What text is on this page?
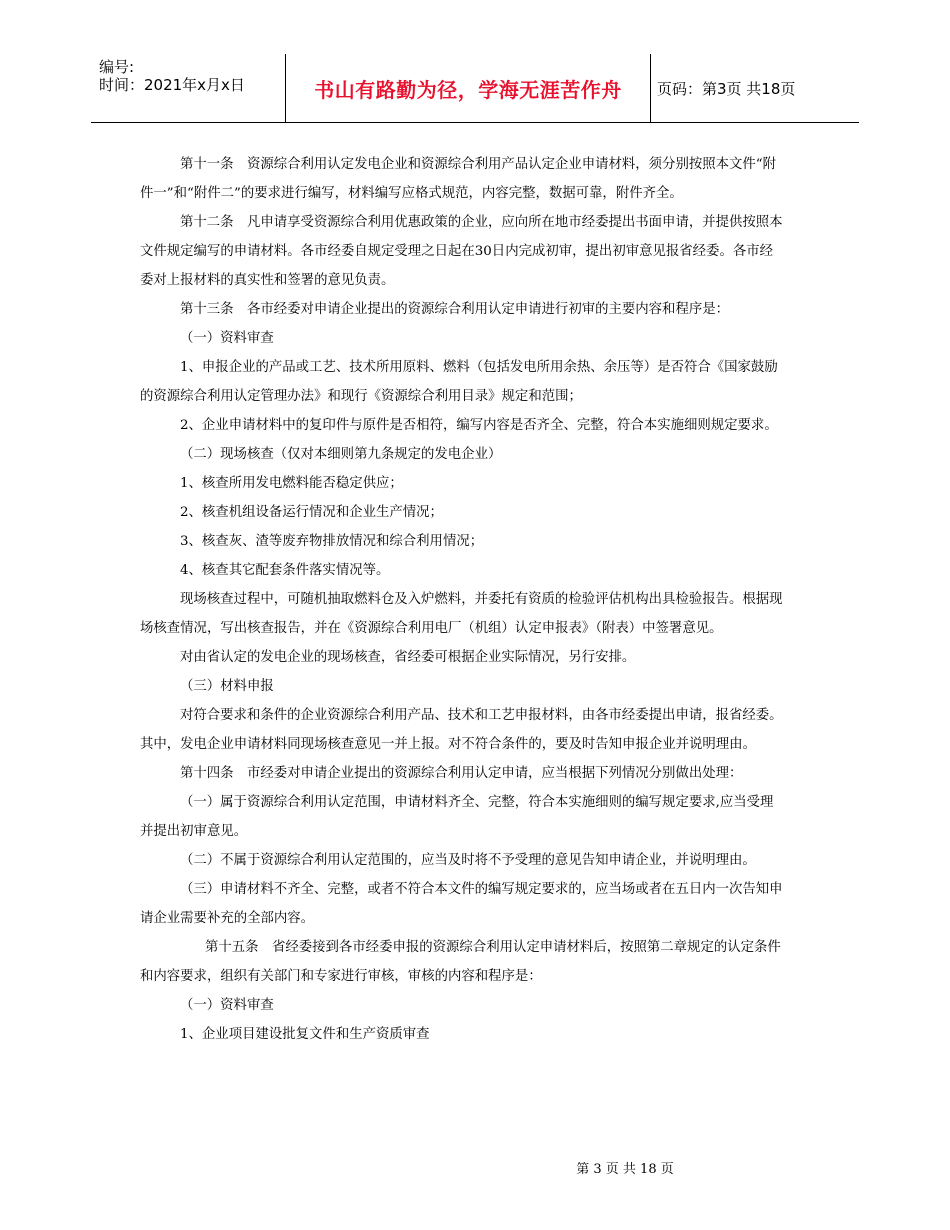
编号:
时间：2021年x月x日	书山有路勤为径，学海无涯苦作舟 页码：第3页 共18页
第十一条　资源综合利用认定发电企业和资源综合利用产品认定企业申请材料，须分别按照本文件“附
件一”和“附件二”的要求进行编写，材料编写应格式规范，内容完整，数据可靠，附件齐全。
第十二条　凡申请享受资源综合利用优惠政策的企业，应向所在地市经委提出书面申请，并提供按照本
文件规定编写的申请材料。各市经委自规定受理之日起在30日内完成初审，提出初审意见报省经委。各市经
委对上报材料的真实性和签署的意见负责。
第十三条　各市经委对申请企业提出的资源综合利用认定申请进行初审的主要内容和程序是：
（一）资料审查
1、申报企业的产品或工艺、技术所用原料、燃料（包括发电所用余热、余压等）是否符合《国家鼓励
的资源综合利用认定管理办法》和现行《资源综合利用目录》规定和范围；
2、企业申请材料中的复印件与原件是否相符，编写内容是否齐全、完整，符合本实施细则规定要求。
（二）现场核查（仅对本细则第九条规定的发电企业）
1、核查所用发电燃料能否稳定供应；
2、核查机组设备运行情况和企业生产情况；
3、核查灰、渣等废弃物排放情况和综合利用情况；
4、核查其它配套条件落实情况等。
现场核查过程中，可随机抽取燃料仓及入炉燃料，并委托有资质的检验评估机构出具检验报告。根据现
场核查情况，写出核查报告，并在《资源综合利用电厂（机组）认定申报表》（附表）中签署意见。
对由省认定的发电企业的现场核查，省经委可根据企业实际情况，另行安排。
（三）材料申报
对符合要求和条件的企业资源综合利用产品、技术和工艺申报材料，由各市经委提出申请，报省经委。
其中，发电企业申请材料同现场核查意见一并上报。对不符合条件的，要及时告知申报企业并说明理由。
第十四条　市经委对申请企业提出的资源综合利用认定申请，应当根据下列情况分别做出处理：
（一）属于资源综合利用认定范围，申请材料齐全、完整，符合本实施细则的编写规定要求,应当受理
并提出初审意见。
（二）不属于资源综合利用认定范围的，应当及时将不予受理的意见告知申请企业，并说明理由。
（三）申请材料不齐全、完整，或者不符合本文件的编写规定要求的，应当场或者在五日内一次告知申
请企业需要补充的全部内容。
第十五条　省经委接到各市经委申报的资源综合利用认定申请材料后，按照第二章规定的认定条件
和内容要求，组织有关部门和专家进行审核，审核的内容和程序是：
（一）资料审查
1、企业项目建设批复文件和生产资质审查
第 3 页 共 18 页
